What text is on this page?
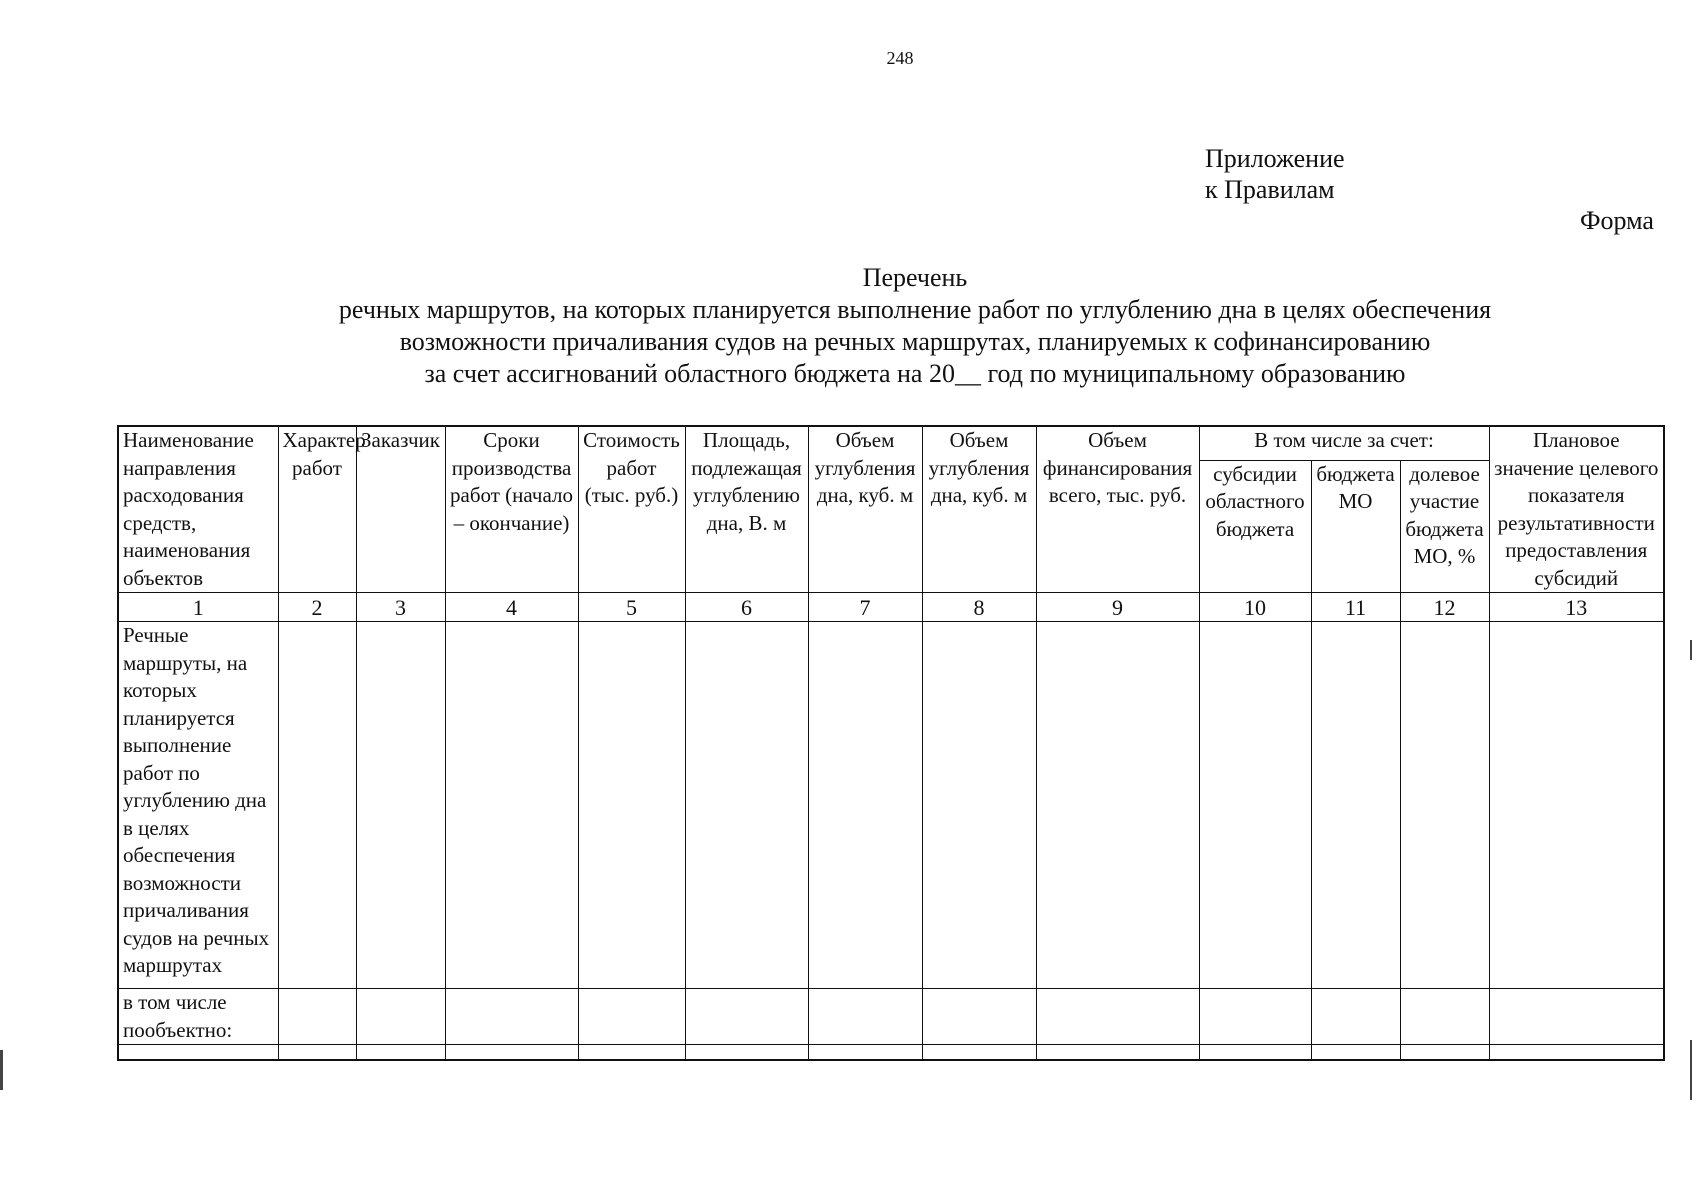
248
Приложение
к Правилам
Форма
Перечень
речных маршрутов, на которых планируется выполнение работ по углублению дна в целях обеспечения
возможности причаливания судов на речных маршрутах, планируемых к софинансированию
за счет ассигнований областного бюджета на 20__ год по муниципальному образованию
Наименование направления расходования средств, наименования объектов	Характер работ	Заказчик	Сроки производства работ (начало – окончание)	Стоимость работ (тыс. руб.)	Площадь, подлежащая углублению дна, В. м	Объем углубления дна, куб. м	Объем углубления дна, куб. м	Объем финансирования всего, тыс. руб.	В том числе за счет:			Плановое значение целевого показателя результативности предоставления субсидий
									субсидии областного бюджета	бюджета МО	долевое участие бюджета МО, %	
1	2	3	4	5	6	7	8	9	10	11	12	13
Речные маршруты, на которых планируется выполнение работ по углублению дна в целях обеспечения возможности причаливания судов на речных маршрутах												
в том числе пообъектно:												
